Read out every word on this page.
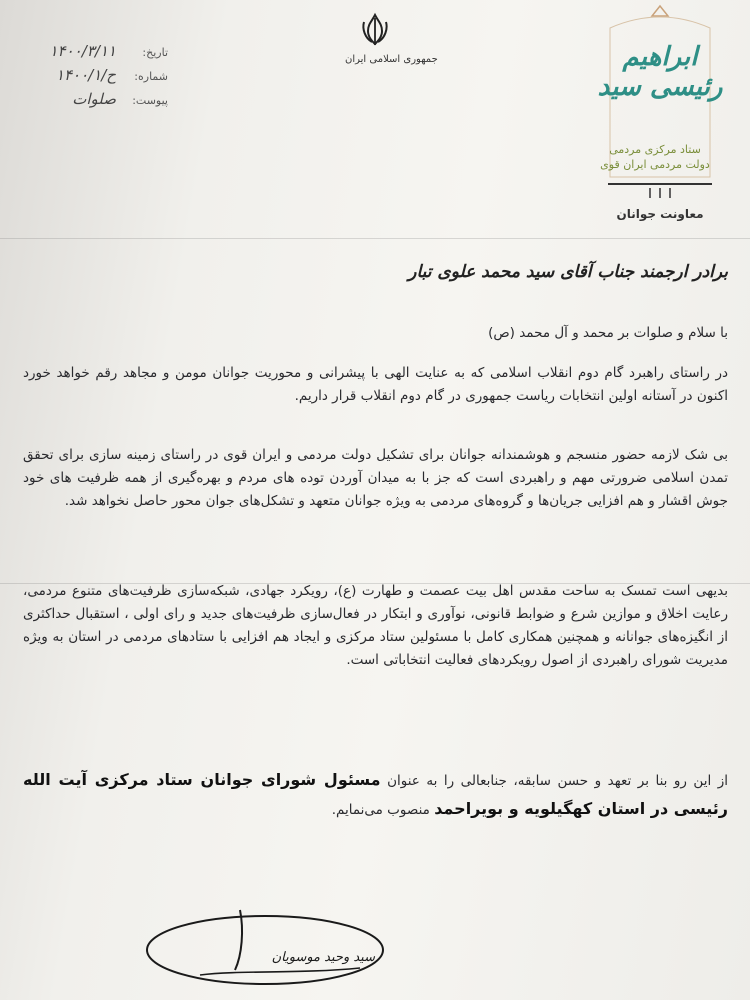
تاریخ:
۱۴۰۰/۳/۱۱
شماره:
ح/۱۴۰۰/۱
پیوست:
صلوات
جمهوری اسلامی ایران	ابراهیم رئیسی سید
ستاد مرکزی مردمی
دولت مردمی ایران قوی
معاونت جوانان
برادر ارجمند جناب آقای سید محمد علوی تبار
با سلام و صلوات بر محمد و آل محمد (ص)
در راستای راهبرد گام دوم انقلاب اسلامی که به عنایت الهی با پیشرانی و محوریت جوانان مومن و مجاهد رقم خواهد خورد اکنون در آستانه اولین انتخابات ریاست جمهوری در گام دوم انقلاب قرار داریم.
بی شک لازمه حضور منسجم و هوشمندانه جوانان برای تشکیل دولت مردمی و ایران قوی در راستای زمینه سازی برای تحقق تمدن اسلامی ضرورتی مهم و راهبردی است که جز با به میدان آوردن توده های مردم و بهره‌گیری از همه ظرفیت های خود جوش اقشار و هم افزایی جریان‌ها و گروه‌های مردمی به ویژه جوانان متعهد و تشکل‌های جوان محور حاصل نخواهد شد.
بدیهی است تمسک به ساحت مقدس اهل بیت عصمت و طهارت (ع)، رویکرد جهادی، شبکه‌سازی ظرفیت‌های متنوع مردمی، رعایت اخلاق و موازین شرع و ضوابط قانونی، نوآوری و ابتکار در فعال‌سازی ظرفیت‌های جدید و رای اولی ، استقبال حداکثری از انگیزه‌های جوانانه و همچنین همکاری کامل با مسئولین ستاد مرکزی و ایجاد هم افزایی با ستادهای مردمی در استان به ویژه مدیریت شورای راهبردی از اصول رویکردهای فعالیت انتخاباتی است.
از این رو بنا بر تعهد و حسن سابقه، جنابعالی را به عنوان مسئول شورای جوانان ستاد مرکزی آیت الله رئیسی در استان کهگیلویه و بویراحمد منصوب می‌نمایم.
سید وحید موسویان
